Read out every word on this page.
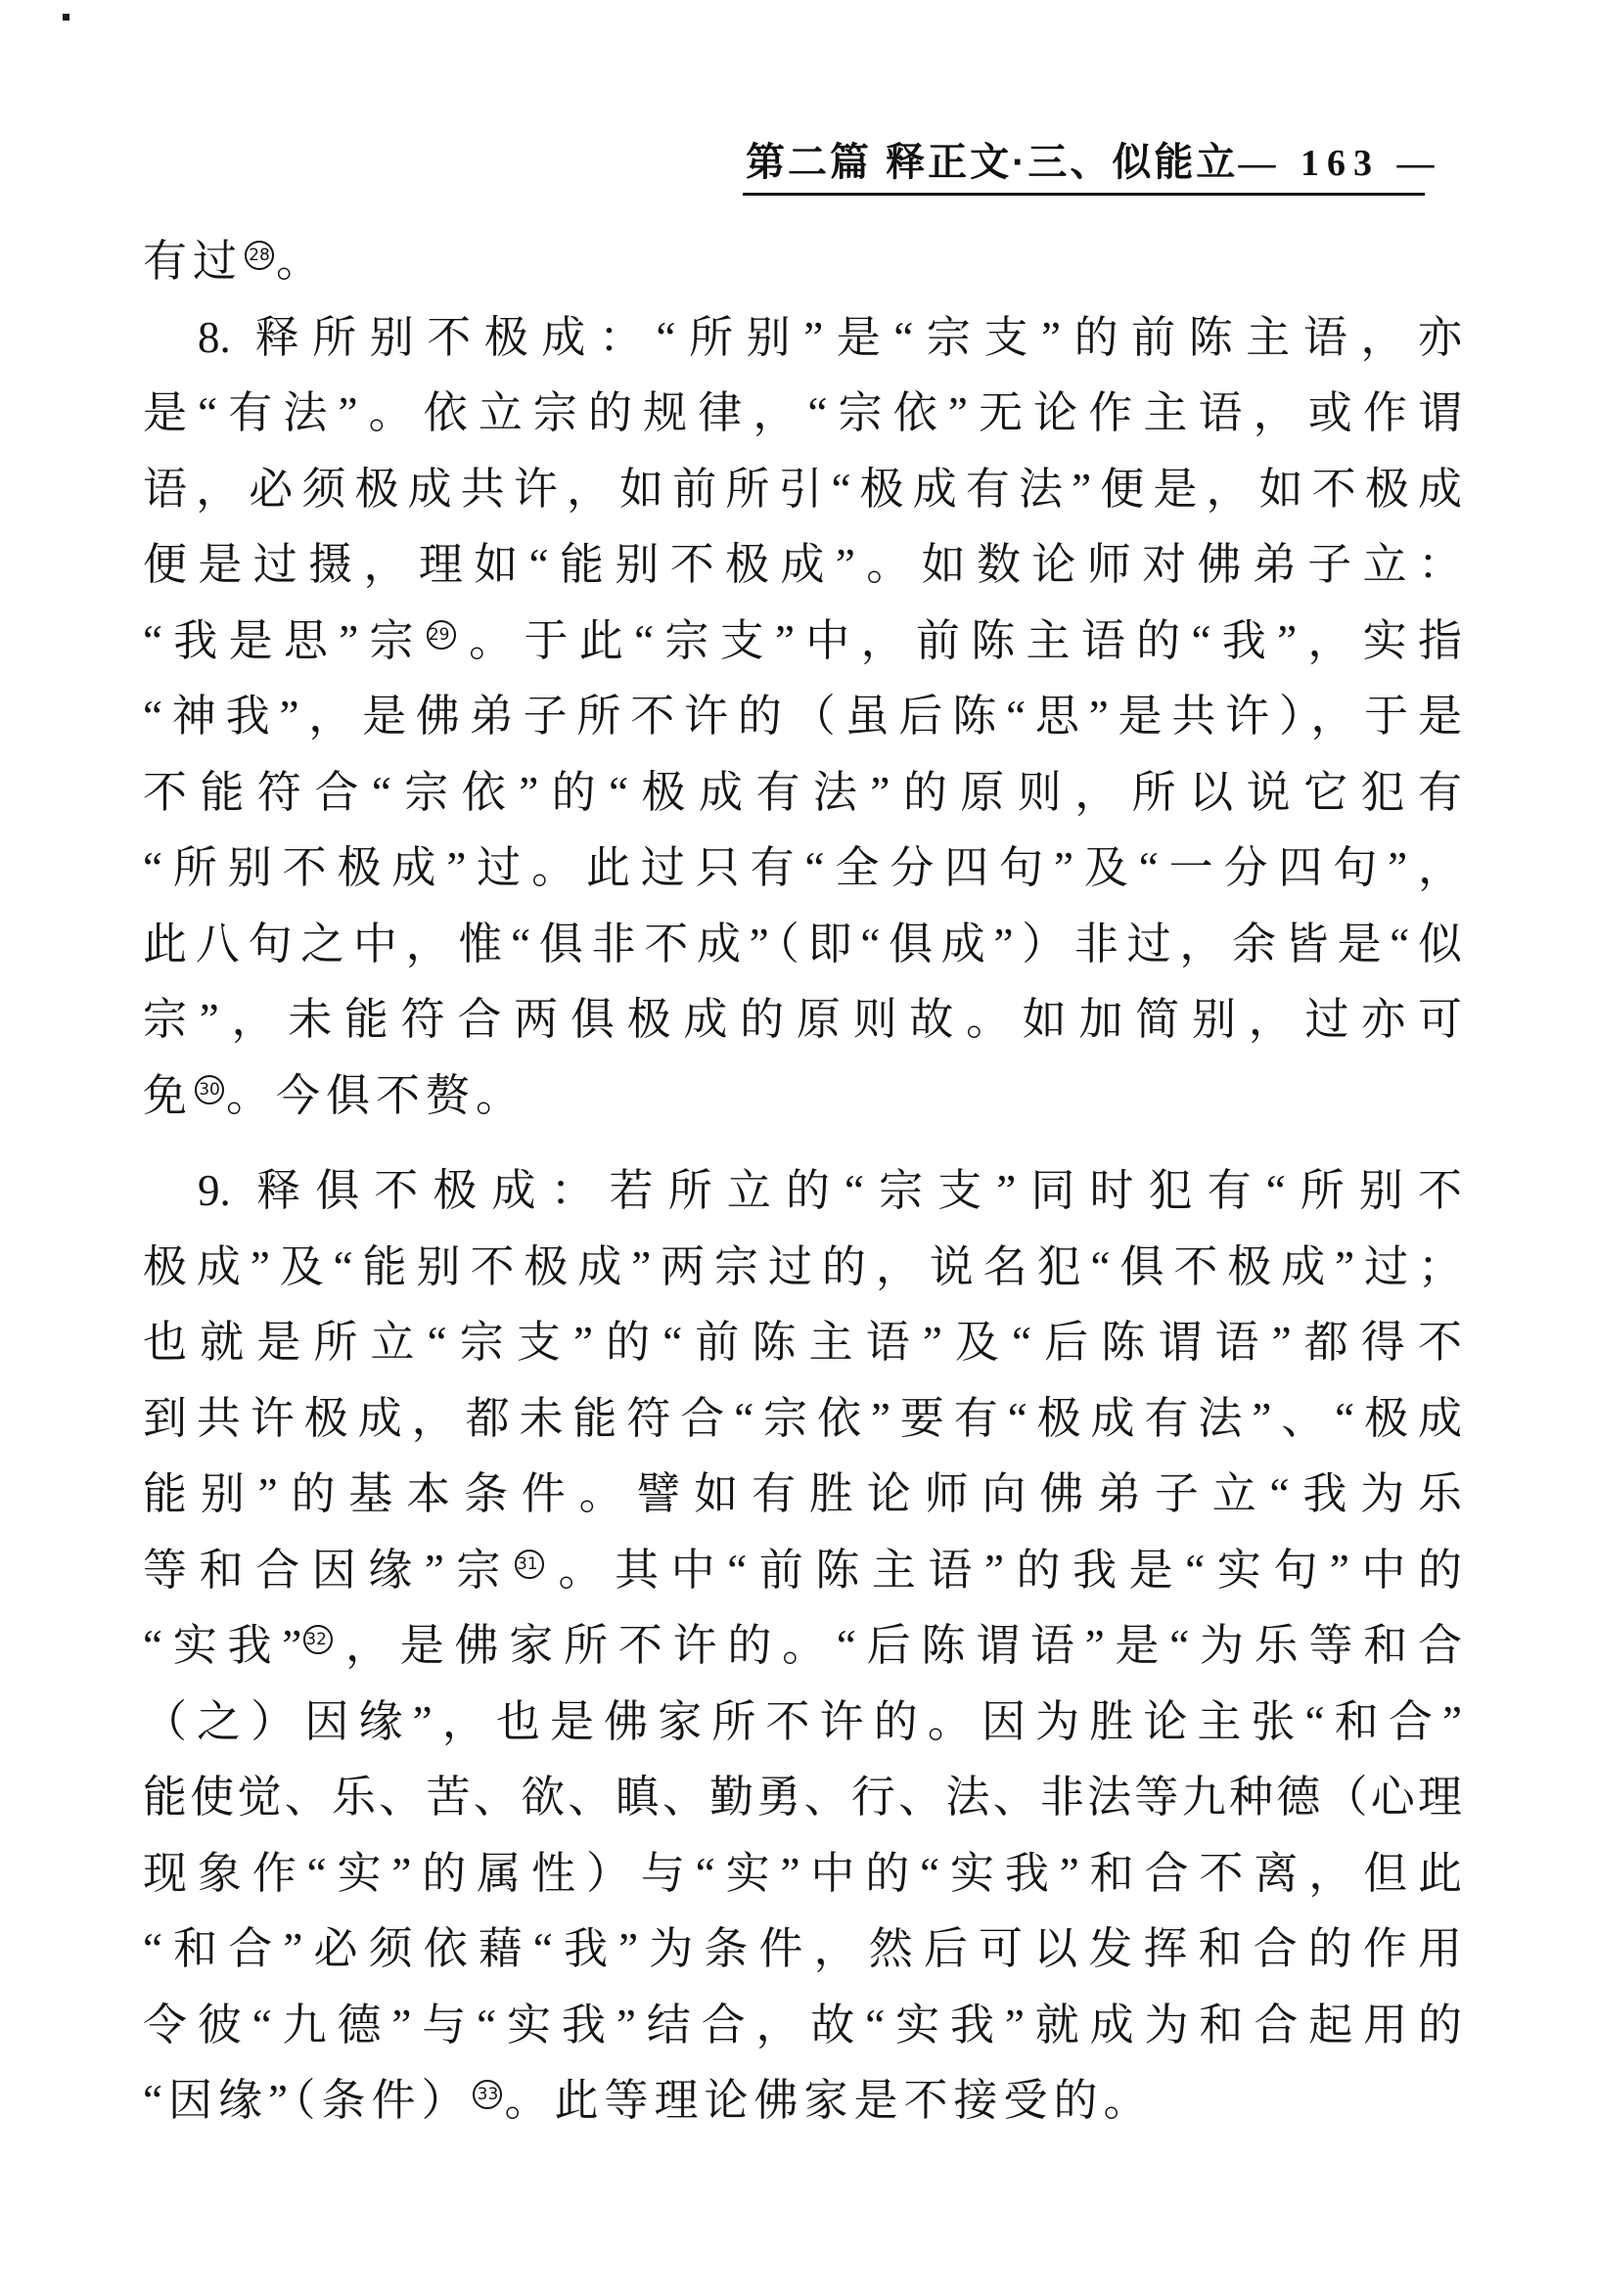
第二篇 释正文·三、似能立 — 163 —
有过 28 。
8. 释所别不极成：“所别”是“宗支”的前陈主语，亦
是“有法”。依立宗的规律，“宗依”无论作主语，或作谓
语，必须极成共许，如前所引“极成有法”便是，如不极成
便是过摄，理如“能别不极成”。如数论师对佛弟子立：
“我是思”宗 29 。于此“宗支”中，前陈主语的“我”，实指
“神我”，是佛弟子所不许的（虽后陈“思”是共许），于是
不能符合“宗依”的“极成有法”的原则，所以说它犯有
“所别不极成”过。此过只有“全分四句”及“一分四句”，
此八句之中，惟“俱非不成”（即“俱成”）非过，余皆是“似
宗”，未能符合两俱极成的原则故。如加简别，过亦可
免 30 。今俱不赘。
9. 释俱不极成：若所立的“宗支”同时犯有“所别不
极成”及“能别不极成”两宗过的，说名犯“俱不极成”过；
也就是所立“宗支”的“前陈主语”及“后陈谓语”都得不
到共许极成，都未能符合“宗依”要有“极成有法”、“极成
能别”的基本条件。譬如有胜论师向佛弟子立“我为乐
等和合因缘”宗 31 。其中“前陈主语”的我是“实句”中的
“实我” 32 ，是佛家所不许的。“后陈谓语”是“为乐等和合
（之）因缘”，也是佛家所不许的。因为胜论主张“和合”
能使觉、乐、苦、欲、瞋、勤勇、行、法、非法等九种德（心理
现象作“实”的属性）与“实”中的“实我”和合不离，但此
“和合”必须依藉“我”为条件，然后可以发挥和合的作用
令彼“九德”与“实我”结合，故“实我”就成为和合起用的
“因缘”（条件） 33 。此等理论佛家是不接受的。
